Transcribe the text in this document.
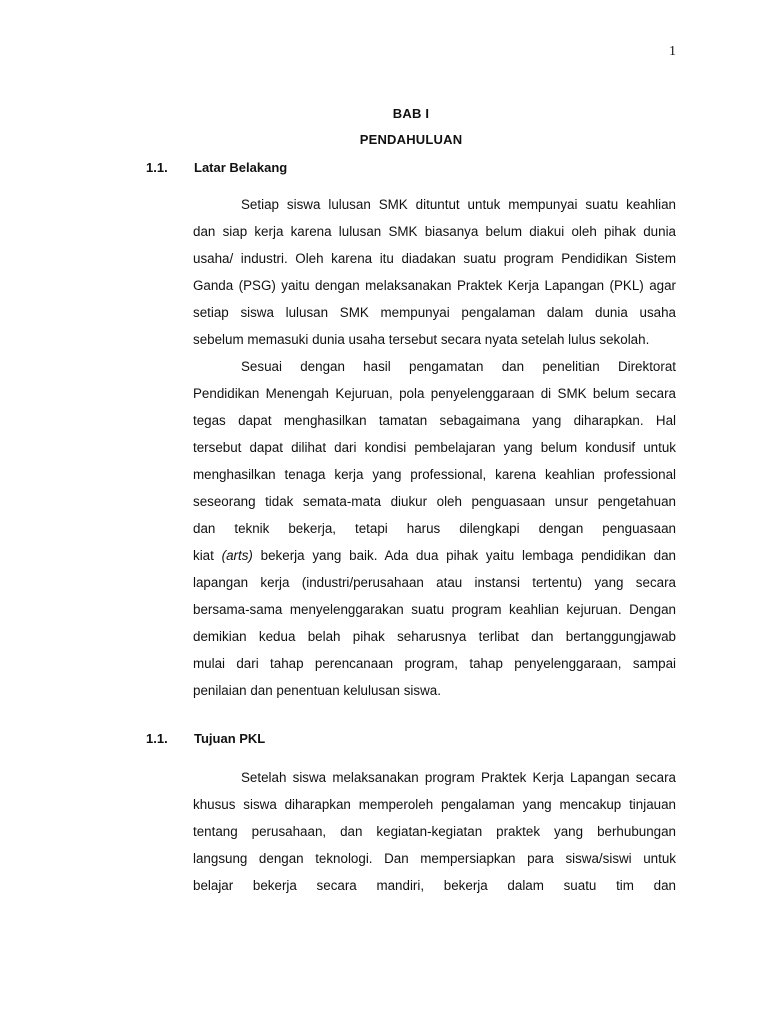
1
BAB I
PENDAHULUAN
1.1. Latar Belakang
Setiap siswa lulusan SMK dituntut untuk mempunyai suatu keahlian
dan siap kerja karena lulusan SMK biasanya belum diakui oleh pihak dunia
usaha/ industri. Oleh karena itu diadakan suatu program Pendidikan Sistem
Ganda (PSG) yaitu dengan melaksanakan Praktek Kerja Lapangan (PKL) agar
setiap siswa lulusan SMK mempunyai pengalaman dalam dunia usaha
sebelum memasuki dunia usaha tersebut secara nyata setelah lulus sekolah.
Sesuai dengan hasil pengamatan dan penelitian Direktorat
Pendidikan Menengah Kejuruan, pola penyelenggaraan di SMK belum secara
tegas dapat menghasilkan tamatan sebagaimana yang diharapkan. Hal
tersebut dapat dilihat dari kondisi pembelajaran yang belum kondusif untuk
menghasilkan tenaga kerja yang professional, karena keahlian professional
seseorang tidak semata-mata diukur oleh penguasaan unsur pengetahuan
dan teknik bekerja, tetapi harus dilengkapi dengan penguasaan
kiat (arts) bekerja yang baik. Ada dua pihak yaitu lembaga pendidikan dan
lapangan kerja (industri/perusahaan atau instansi tertentu) yang secara
bersama-sama menyelenggarakan suatu program keahlian kejuruan. Dengan
demikian kedua belah pihak seharusnya terlibat dan bertanggungjawab
mulai dari tahap perencanaan program, tahap penyelenggaraan, sampai
penilaian dan penentuan kelulusan siswa.
1.1. Tujuan PKL
Setelah siswa melaksanakan program Praktek Kerja Lapangan secara
khusus siswa diharapkan memperoleh pengalaman yang mencakup tinjauan
tentang perusahaan, dan kegiatan-kegiatan praktek yang berhubungan
langsung dengan teknologi. Dan mempersiapkan para siswa/siswi untuk
belajar bekerja secara mandiri, bekerja dalam suatu tim dan
